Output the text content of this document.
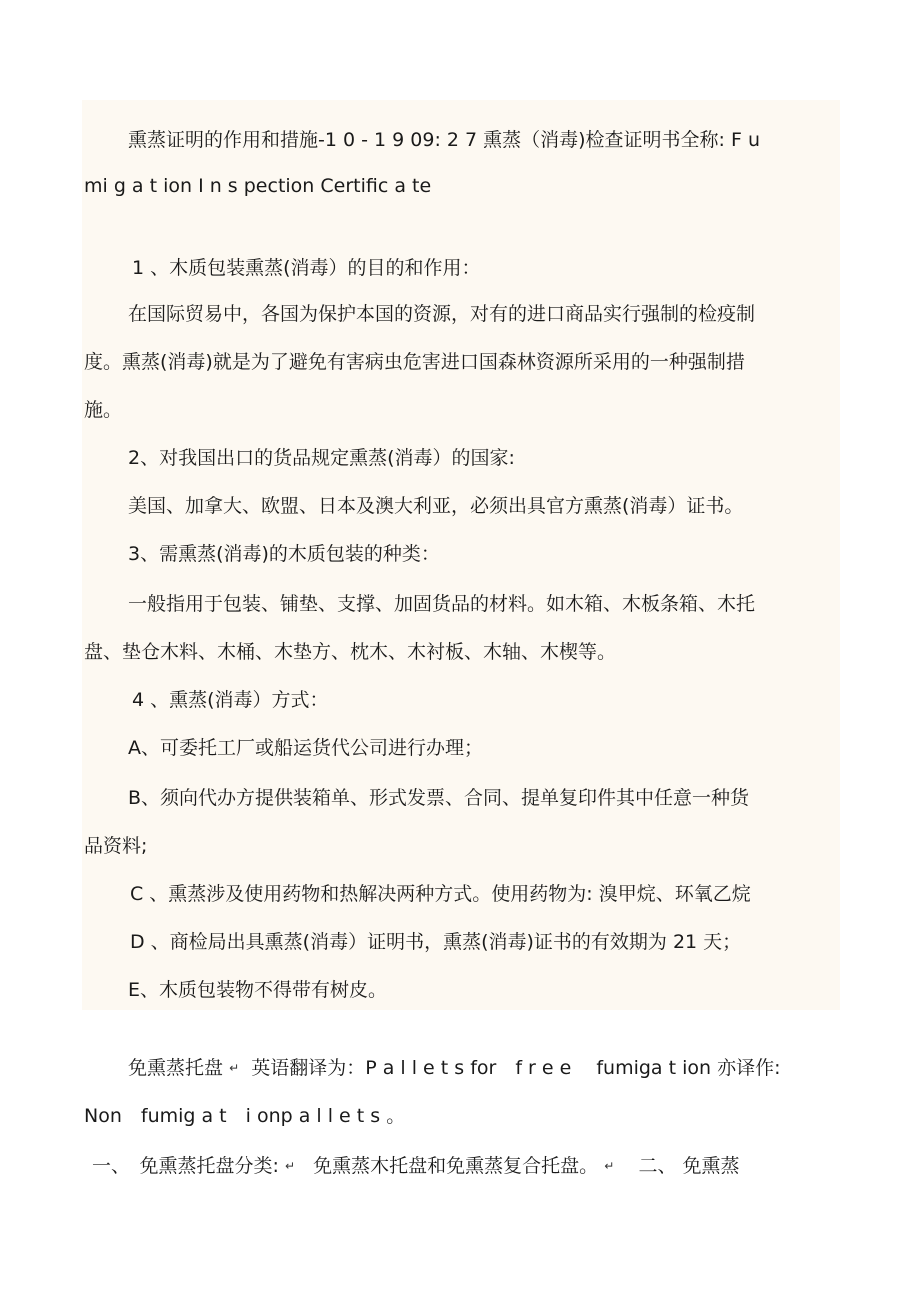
熏蒸证明的作用和措施-1 0 - 1 9 09: 2 7 熏蒸（消毒)检查证明书全称: F u
mi g a t ion I n s pection Certific a te
1 、木质包装熏蒸(消毒）的目的和作用：
在国际贸易中，各国为保护本国的资源，对有的进口商品实行强制的检疫制
度。熏蒸(消毒)就是为了避免有害病虫危害进口国森林资源所采用的一种强制措
施。
2、对我国出口的货品规定熏蒸(消毒）的国家:
美国、加拿大、欧盟、日本及澳大利亚，必须出具官方熏蒸(消毒）证书。
3、需熏蒸(消毒)的木质包装的种类：
一般指用于包装、铺垫、支撑、加固货品的材料。如木箱、木板条箱、木托
盘、垫仓木料、木桶、木垫方、枕木、木衬板、木轴、木楔等。
4 、熏蒸(消毒）方式：
A、可委托工厂或船运货代公司进行办理；
B、须向代办方提供装箱单、形式发票、合同、提单复印件其中任意一种货
品资料;
C 、熏蒸涉及使用药物和热解决两种方式。使用药物为: 溴甲烷、环氧乙烷
D 、商检局出具熏蒸(消毒）证明书，熏蒸(消毒)证书的有效期为 21 天；
E、木质包装物不得带有树皮。
免熏蒸托盘 ↵ 英语翻译为：P a l l e t s for　f r e e　 fumiga t ion 亦译作:
Non　fumig a t　i onp a l l e t s 。
一、　免熏蒸托盘分类: ↵ 免熏蒸木托盘和免熏蒸复合托盘。 ↵ 二、 免熏蒸
